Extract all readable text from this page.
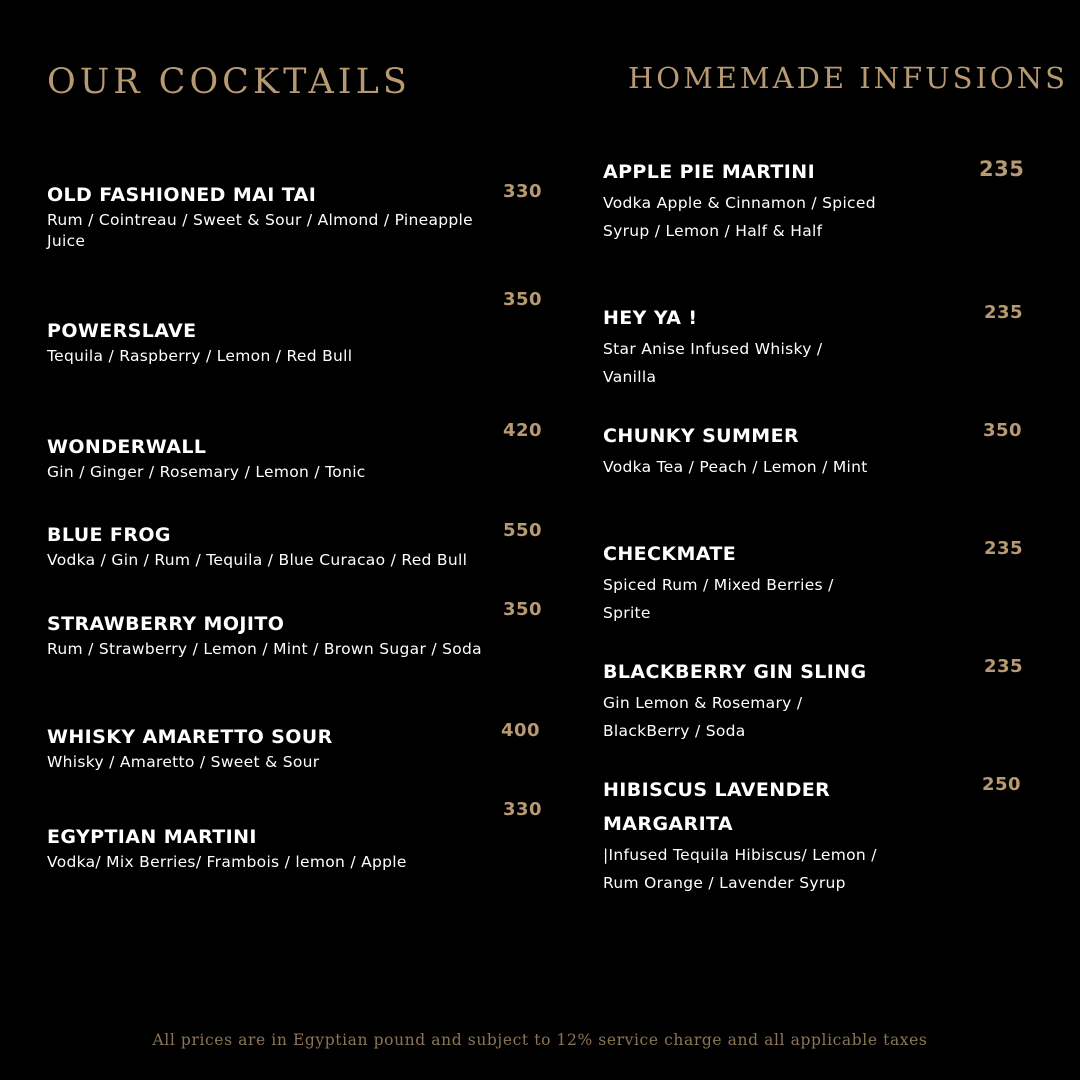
OUR COCKTAILS	HOMEMADE INFUSIONS
OLD FASHIONED MAI TAI
Rum / Cointreau / Sweet & Sour / Almond / Pineapple Juice
330
POWERSLAVE
Tequila / Raspberry / Lemon / Red Bull
350
WONDERWALL
Gin / Ginger / Rosemary / Lemon / Tonic
420
BLUE FROG
Vodka / Gin / Rum / Tequila / Blue Curacao / Red Bull
550
STRAWBERRY MOJITO
Rum / Strawberry / Lemon / Mint / Brown Sugar / Soda
350
WHISKY AMARETTO SOUR
Whisky / Amaretto / Sweet & Sour
400
EGYPTIAN MARTINI
Vodka/ Mix Berries/ Frambois / lemon / Apple
330
APPLE PIE MARTINI
Vodka Apple & Cinnamon / Spiced Syrup / Lemon / Half & Half
235
HEY YA !
Star Anise Infused Whisky / Vanilla
235
CHUNKY SUMMER
Vodka Tea / Peach / Lemon / Mint
350
CHECKMATE
Spiced Rum / Mixed Berries / Sprite
235
BLACKBERRY GIN SLING
Gin Lemon & Rosemary / BlackBerry / Soda
235
HIBISCUS LAVENDER MARGARITA
|Infused Tequila Hibiscus/ Lemon / Rum Orange / Lavender Syrup
250
All prices are in Egyptian pound and subject to 12% service charge and all applicable taxes
